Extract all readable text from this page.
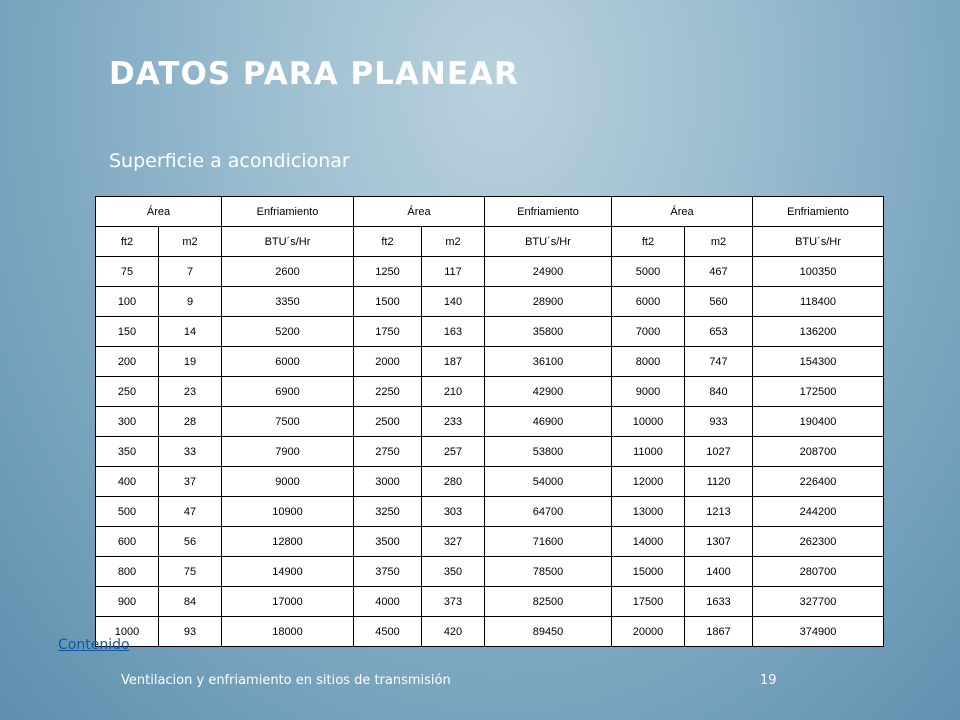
DATOS PARA PLANEAR
Superficie a acondicionar
Área		Enfriamiento	Área		Enfriamiento	Área		Enfriamiento
ft2	m2	BTU´s/Hr	ft2	m2	BTU´s/Hr	ft2	m2	BTU´s/Hr
75	7	2600	1250	117	24900	5000	467	100350
100	9	3350	1500	140	28900	6000	560	118400
150	14	5200	1750	163	35800	7000	653	136200
200	19	6000	2000	187	36100	8000	747	154300
250	23	6900	2250	210	42900	9000	840	172500
300	28	7500	2500	233	46900	10000	933	190400
350	33	7900	2750	257	53800	11000	1027	208700
400	37	9000	3000	280	54000	12000	1120	226400
500	47	10900	3250	303	64700	13000	1213	244200
600	56	12800	3500	327	71600	14000	1307	262300
800	75	14900	3750	350	78500	15000	1400	280700
900	84	17000	4000	373	82500	17500	1633	327700
1000	93	18000	4500	420	89450	20000	1867	374900
Contenido
Ventilacion y enfriamiento en sitios de transmisión	19
